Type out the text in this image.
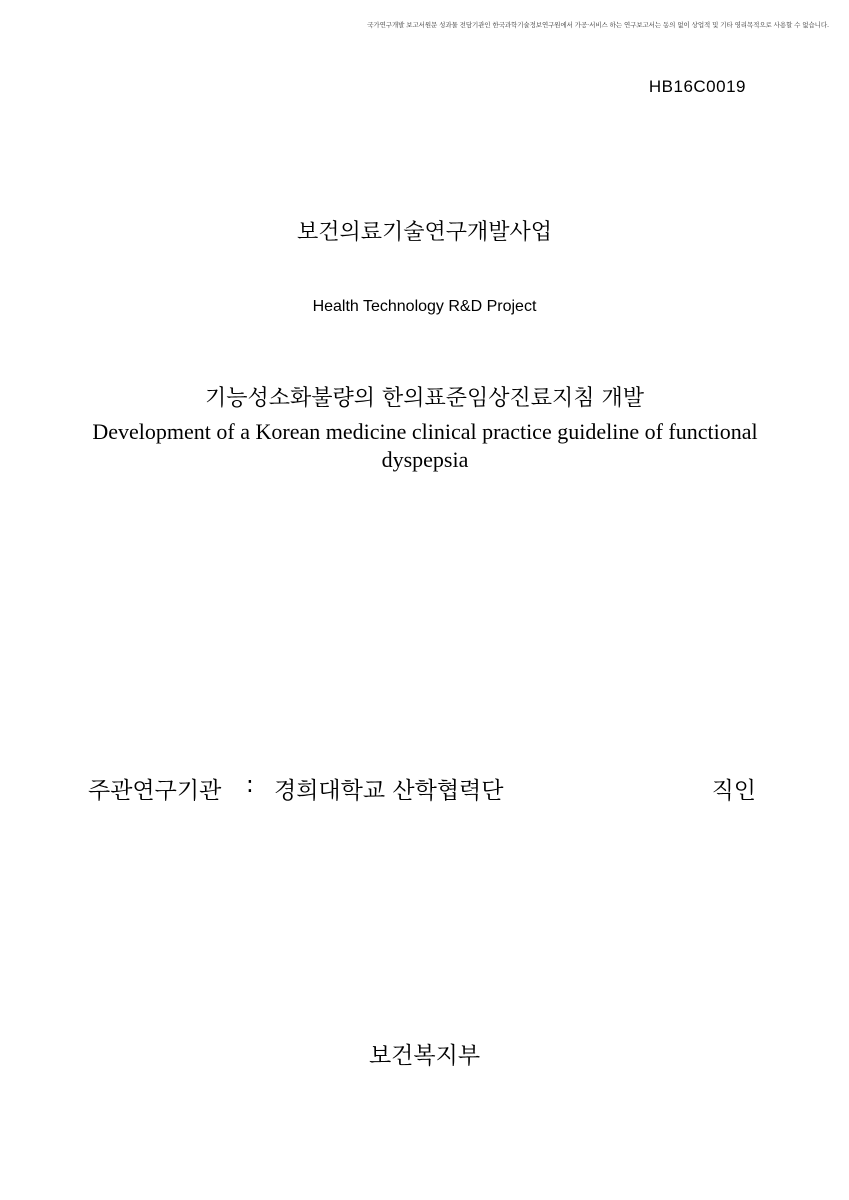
국가연구개발 보고서원문 성과물 전담기관인 한국과학기술정보연구원에서 가공·서비스 하는 연구보고서는 동의 없이 상업적 및 기타 영리목적으로 사용할 수 없습니다.

HB16C0019

보건의료기술연구개발사업

Health Technology R&D Project

기능성소화불량의 한의표준임상진료지침 개발

Development of a Korean medicine clinical practice guideline of functional dyspepsia

주관연구기관 : 경희대학교 산학협력단	직인

보건복지부
